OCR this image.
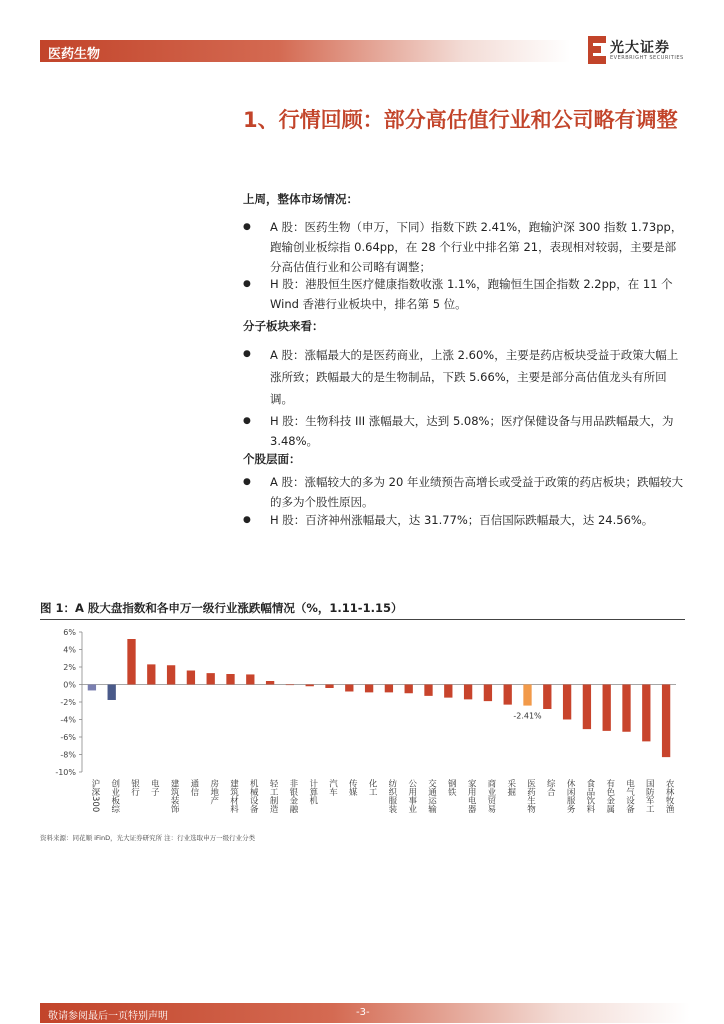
医药生物	光大证券
EVERBRIGHT SECURITIES
1、行情回顾：部分高估值行业和公司略有调整
上周，整体市场情况：
● A 股：医药生物（申万，下同）指数下跌 2.41%，跑输沪深 300 指数 1.73pp，跑输创业板综指 0.64pp，在 28 个行业中排名第 21，表现相对较弱，主要是部分高估值行业和公司略有调整；
● H 股：港股恒生医疗健康指数收涨 1.1%，跑输恒生国企指数 2.2pp，在 11 个 Wind 香港行业板块中，排名第 5 位。
分子板块来看：
● A 股：涨幅最大的是医药商业，上涨 2.60%，主要是药店板块受益于政策大幅上涨所致；跌幅最大的是生物制品，下跌 5.66%，主要是部分高估值龙头有所回调。
● H 股：生物科技 III 涨幅最大，达到 5.08%；医疗保健设备与用品跌幅最大，为 3.48%。
个股层面：
● A 股：涨幅较大的多为 20 年业绩预告高增长或受益于政策的药店板块；跌幅较大的多为个股性原因。
● H 股：百济神州涨幅最大，达 31.77%；百信国际跌幅最大，达 24.56%。
图 1：A 股大盘指数和各申万一级行业涨跌幅情况（%，1.11-1.15）
6%
4%
2%
0%
-2%
-4%
-6%
-8%
-10%
沪深300 创业板综 银行 电子 建筑装饰 通信 房地产 建筑材料 机械设备 轻工制造 非银金融 计算机 汽车 传媒 化工 纺织服装 公用事业 交通运输 钢铁 家用电器 商业贸易 采掘 医药生物 综合 休闲服务 食品饮料 有色金属 电气设备 国防军工 农林牧渔
-2.41%
资料来源：同花顺 iFinD，光大证券研究所 注：行业选取申万一级行业分类
敬请参阅最后一页特别声明	-3-
